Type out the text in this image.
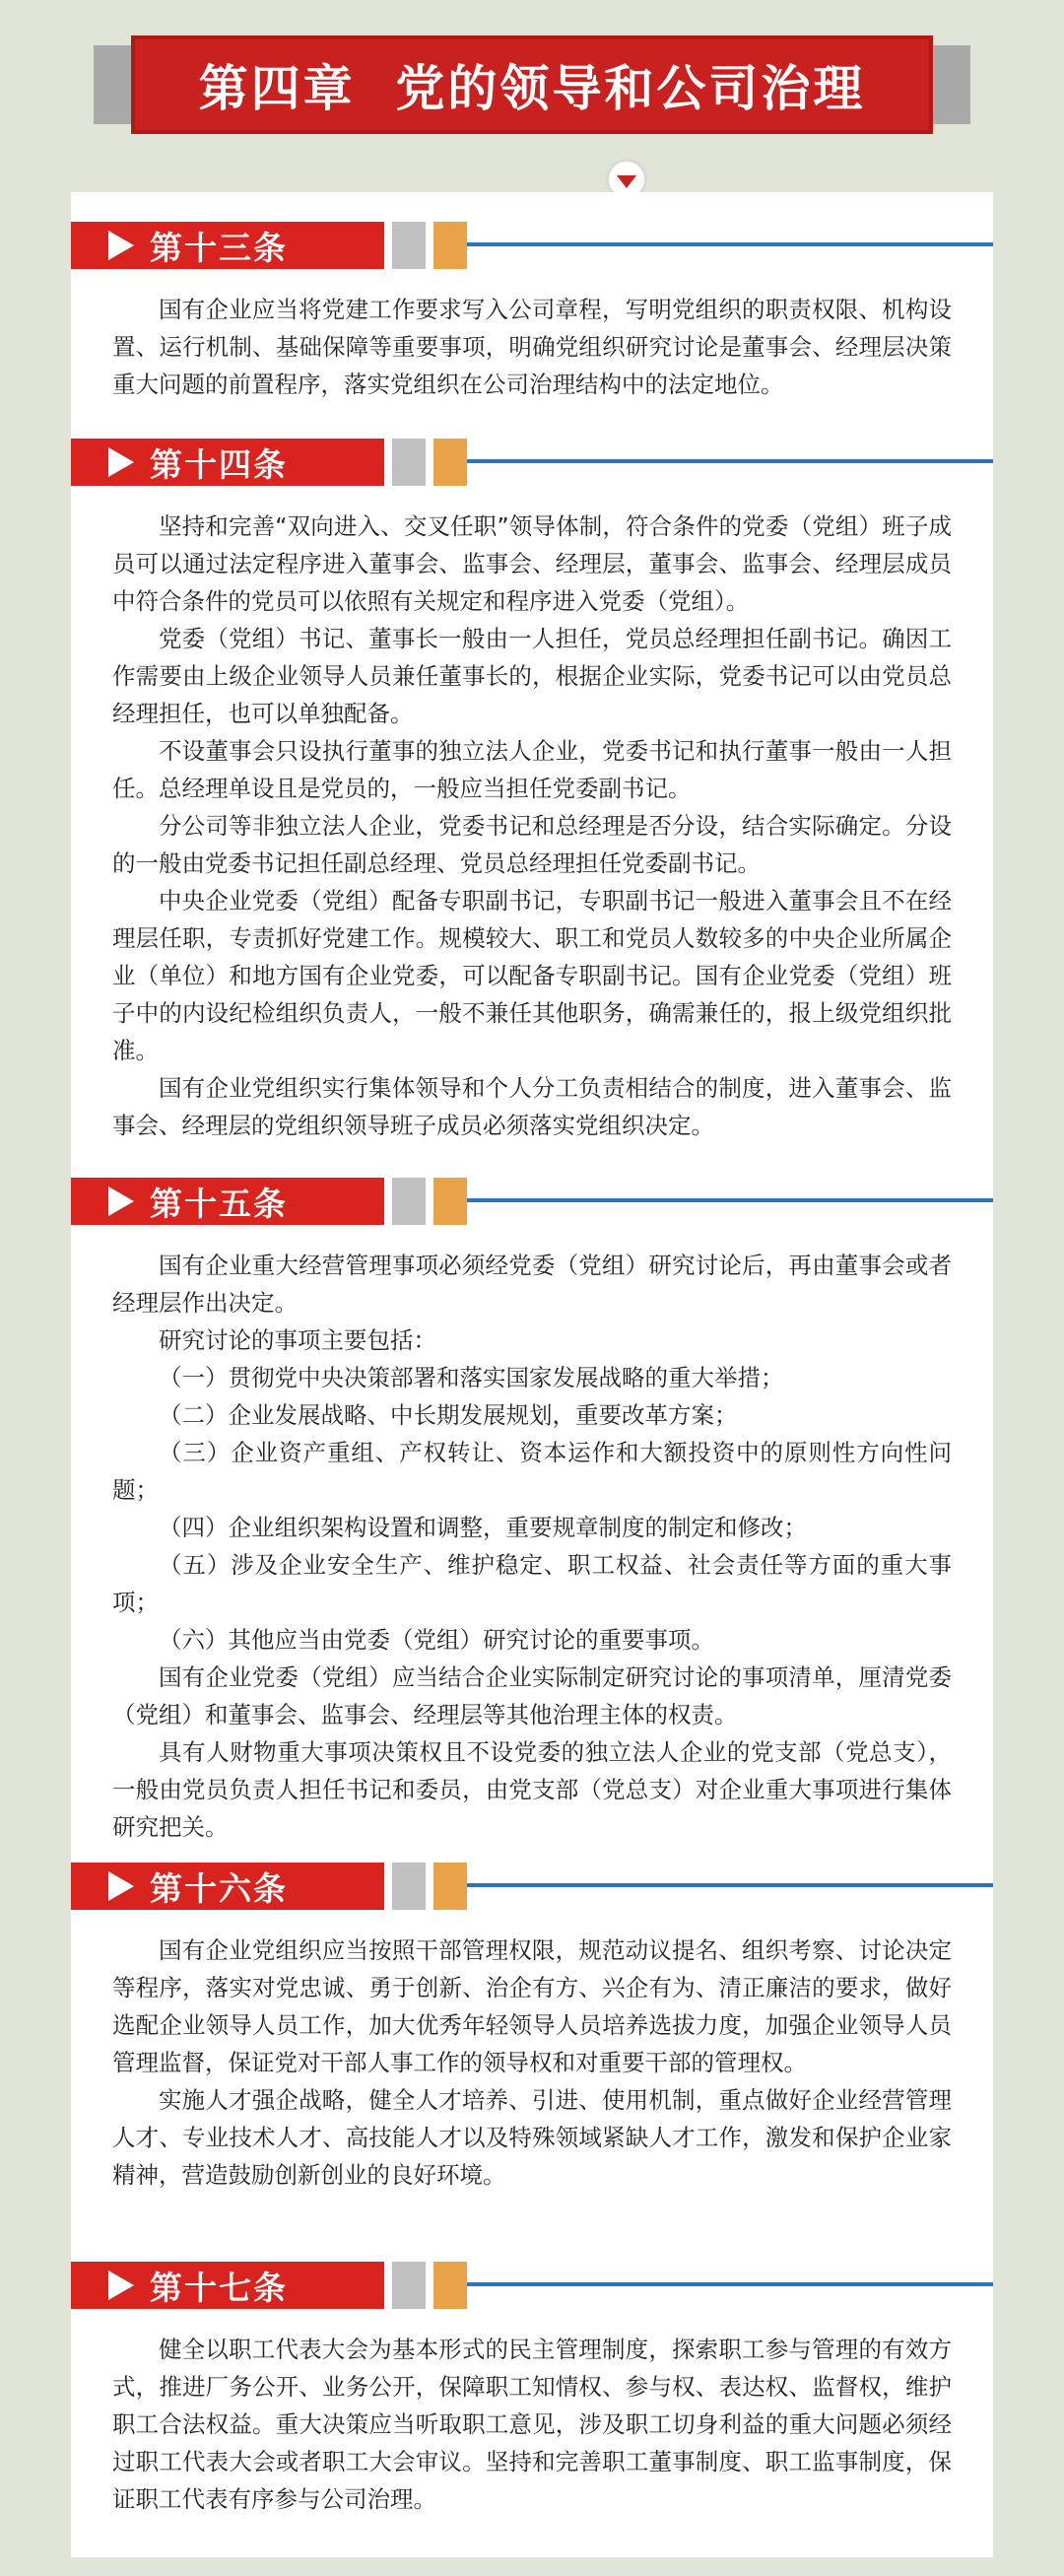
第四章  党的领导和公司治理
第十三条

国有企业应当将党建工作要求写入公司章程，写明党组织的职责权限、机构设置、运行机制、基础保障等重要事项，明确党组织研究讨论是董事会、经理层决策重大问题的前置程序，落实党组织在公司治理结构中的法定地位。

第十四条

坚持和完善“双向进入、交叉任职”领导体制，符合条件的党委（党组）班子成员可以通过法定程序进入董事会、监事会、经理层，董事会、监事会、经理层成员中符合条件的党员可以依照有关规定和程序进入党委（党组）。

党委（党组）书记、董事长一般由一人担任，党员总经理担任副书记。确因工作需要由上级企业领导人员兼任董事长的，根据企业实际，党委书记可以由党员总经理担任，也可以单独配备。

不设董事会只设执行董事的独立法人企业，党委书记和执行董事一般由一人担任。总经理单设且是党员的，一般应当担任党委副书记。

分公司等非独立法人企业，党委书记和总经理是否分设，结合实际确定。分设的一般由党委书记担任副总经理、党员总经理担任党委副书记。

中央企业党委（党组）配备专职副书记，专职副书记一般进入董事会且不在经理层任职，专责抓好党建工作。规模较大、职工和党员人数较多的中央企业所属企业（单位）和地方国有企业党委，可以配备专职副书记。国有企业党委（党组）班子中的内设纪检组织负责人，一般不兼任其他职务，确需兼任的，报上级党组织批准。

国有企业党组织实行集体领导和个人分工负责相结合的制度，进入董事会、监事会、经理层的党组织领导班子成员必须落实党组织决定。

第十五条

国有企业重大经营管理事项必须经党委（党组）研究讨论后，再由董事会或者经理层作出决定。

研究讨论的事项主要包括：

（一）贯彻党中央决策部署和落实国家发展战略的重大举措；

（二）企业发展战略、中长期发展规划，重要改革方案；

（三）企业资产重组、产权转让、资本运作和大额投资中的原则性方向性问题；

（四）企业组织架构设置和调整，重要规章制度的制定和修改；

（五）涉及企业安全生产、维护稳定、职工权益、社会责任等方面的重大事项；

（六）其他应当由党委（党组）研究讨论的重要事项。

国有企业党委（党组）应当结合企业实际制定研究讨论的事项清单，厘清党委（党组）和董事会、监事会、经理层等其他治理主体的权责。

具有人财物重大事项决策权且不设党委的独立法人企业的党支部（党总支），一般由党员负责人担任书记和委员，由党支部（党总支）对企业重大事项进行集体研究把关。

第十六条

国有企业党组织应当按照干部管理权限，规范动议提名、组织考察、讨论决定等程序，落实对党忠诚、勇于创新、治企有方、兴企有为、清正廉洁的要求，做好选配企业领导人员工作，加大优秀年轻领导人员培养选拔力度，加强企业领导人员管理监督，保证党对干部人事工作的领导权和对重要干部的管理权。

实施人才强企战略，健全人才培养、引进、使用机制，重点做好企业经营管理人才、专业技术人才、高技能人才以及特殊领域紧缺人才工作，激发和保护企业家精神，营造鼓励创新创业的良好环境。

第十七条

健全以职工代表大会为基本形式的民主管理制度，探索职工参与管理的有效方式，推进厂务公开、业务公开，保障职工知情权、参与权、表达权、监督权，维护职工合法权益。重大决策应当听取职工意见，涉及职工切身利益的重大问题必须经过职工代表大会或者职工大会审议。坚持和完善职工董事制度、职工监事制度，保证职工代表有序参与公司治理。
